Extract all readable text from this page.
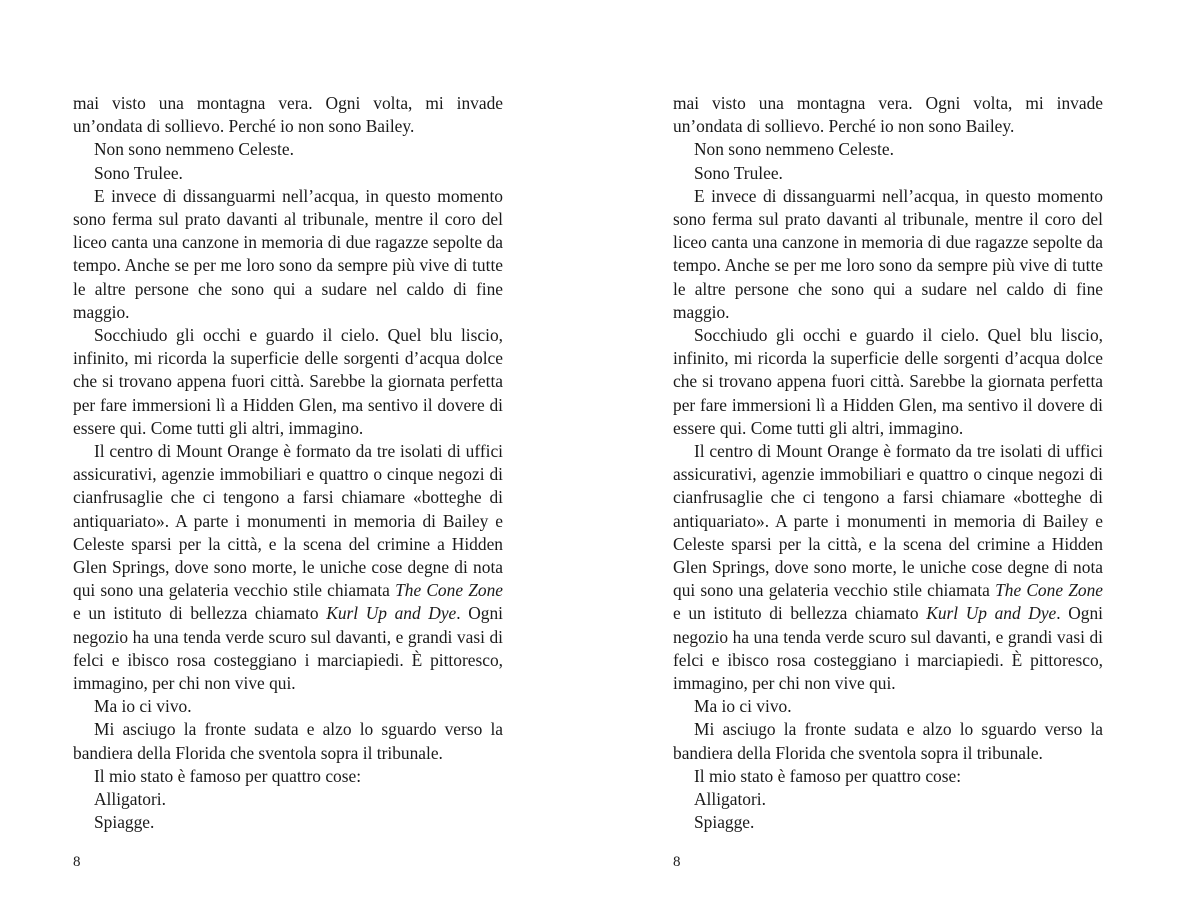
mai visto una montagna vera. Ogni volta, mi invade un’ondata di sollievo. Perché io non sono Bailey.

Non sono nemmeno Celeste.

Sono Trulee.

E invece di dissanguarmi nell’acqua, in questo momento sono ferma sul prato davanti al tribunale, mentre il coro del liceo canta una canzone in memoria di due ragazze sepolte da tempo. Anche se per me loro sono da sempre più vive di tutte le altre persone che sono qui a sudare nel caldo di fine maggio.

Socchiudo gli occhi e guardo il cielo. Quel blu liscio, infinito, mi ricorda la superficie delle sorgenti d’acqua dolce che si trovano appena fuori città. Sarebbe la giornata perfetta per fare immersioni lì a Hidden Glen, ma sentivo il dovere di essere qui. Come tutti gli altri, immagino.

Il centro di Mount Orange è formato da tre isolati di uffici assicurativi, agenzie immobiliari e quattro o cinque negozi di cianfrusaglie che ci tengono a farsi chiamare «botteghe di antiquariato». A parte i monumenti in memoria di Bailey e Celeste sparsi per la città, e la scena del crimine a Hidden Glen Springs, dove sono morte, le uniche cose degne di nota qui sono una gelateria vecchio stile chiamata The Cone Zone e un istituto di bellezza chiamato Kurl Up and Dye. Ogni negozio ha una tenda verde scuro sul davanti, e grandi vasi di felci e ibisco rosa costeggiano i marciapiedi. È pittoresco, immagino, per chi non vive qui.

Ma io ci vivo.

Mi asciugo la fronte sudata e alzo lo sguardo verso la bandiera della Florida che sventola sopra il tribunale.

Il mio stato è famoso per quattro cose:

Alligatori.

Spiagge.

8

mai visto una montagna vera. Ogni volta, mi invade un’ondata di sollievo. Perché io non sono Bailey.

Non sono nemmeno Celeste.

Sono Trulee.

E invece di dissanguarmi nell’acqua, in questo momento sono ferma sul prato davanti al tribunale, mentre il coro del liceo canta una canzone in memoria di due ragazze sepolte da tempo. Anche se per me loro sono da sempre più vive di tutte le altre persone che sono qui a sudare nel caldo di fine maggio.

Socchiudo gli occhi e guardo il cielo. Quel blu liscio, infinito, mi ricorda la superficie delle sorgenti d’acqua dolce che si trovano appena fuori città. Sarebbe la giornata perfetta per fare immersioni lì a Hidden Glen, ma sentivo il dovere di essere qui. Come tutti gli altri, immagino.

Il centro di Mount Orange è formato da tre isolati di uffici assicurativi, agenzie immobiliari e quattro o cinque negozi di cianfrusaglie che ci tengono a farsi chiamare «botteghe di antiquariato». A parte i monumenti in memoria di Bailey e Celeste sparsi per la città, e la scena del crimine a Hidden Glen Springs, dove sono morte, le uniche cose degne di nota qui sono una gelateria vecchio stile chiamata The Cone Zone e un istituto di bellezza chiamato Kurl Up and Dye. Ogni negozio ha una tenda verde scuro sul davanti, e grandi vasi di felci e ibisco rosa costeggiano i marciapiedi. È pittoresco, immagino, per chi non vive qui.

Ma io ci vivo.

Mi asciugo la fronte sudata e alzo lo sguardo verso la bandiera della Florida che sventola sopra il tribunale.

Il mio stato è famoso per quattro cose:

Alligatori.

Spiagge.

8
